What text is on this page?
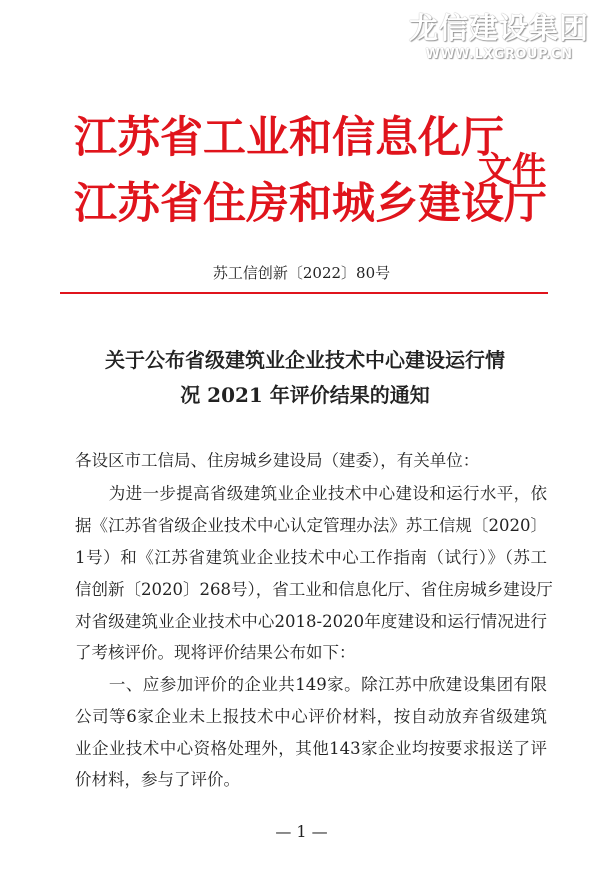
龙信建设集团
WWW.LXGROUP.CN
江苏省工业和信息化厅
江苏省住房和城乡建设厅
文件
苏工信创新〔2022〕80号
关于公布省级建筑业企业技术中心建设运行情
况 2021 年评价结果的通知
各设区市工信局、住房城乡建设局（建委），有关单位：
　　为进一步提高省级建筑业企业技术中心建设和运行水平，依
据《江苏省省级企业技术中心认定管理办法》苏工信规〔2020〕
1号）和《江苏省建筑业企业技术中心工作指南（试行）》（苏工
信创新〔2020〕268号），省工业和信息化厅、省住房城乡建设厅
对省级建筑业企业技术中心2018-2020年度建设和运行情况进行
了考核评价。现将评价结果公布如下：
　　一、应参加评价的企业共149家。除江苏中欣建设集团有限
公司等6家企业未上报技术中心评价材料，按自动放弃省级建筑
业企业技术中心资格处理外，其他143家企业均按要求报送了评
价材料，参与了评价。
— 1 —
